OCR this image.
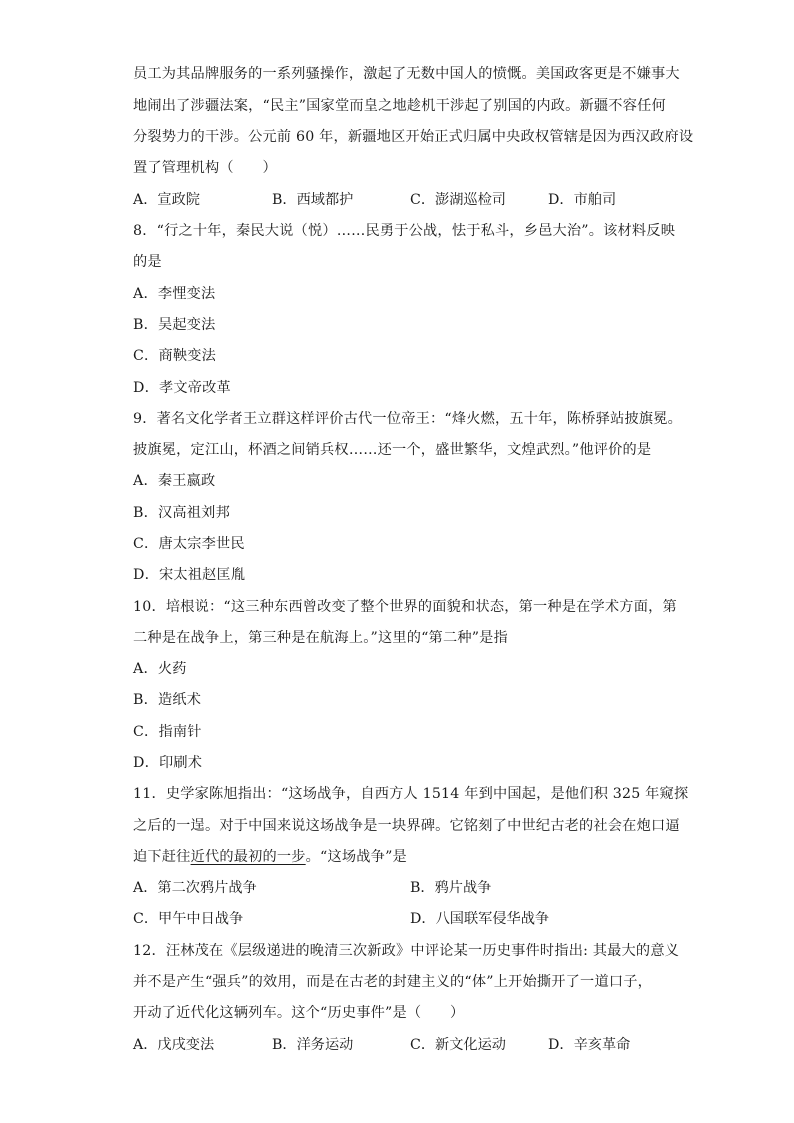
员工为其品牌服务的一系列骚操作，激起了无数中国人的愤慨。美国政客更是不嫌事大
地闹出了涉疆法案，“民主”国家堂而皇之地趁机干涉起了别国的内政。新疆不容任何
分裂势力的干涉。公元前 60 年，新疆地区开始正式归属中央政权管辖是因为西汉政府设
置了管理机构（　　）
A．宣政院	B．西域都护	C．澎湖巡检司	D．市舶司
8．“行之十年，秦民大说（悦）……民勇于公战，怯于私斗，乡邑大治”。该材料反映
的是
A．李悝变法
B．吴起变法
C．商鞅变法
D．孝文帝改革
9．著名文化学者王立群这样评价古代一位帝王：“烽火燃，五十年，陈桥驿站披旗冕。
披旗冕，定江山，杯酒之间销兵权……还一个，盛世繁华，文煌武烈。”他评价的是
A．秦王嬴政
B．汉高祖刘邦
C．唐太宗李世民
D．宋太祖赵匡胤
10．培根说：“这三种东西曾改变了整个世界的面貌和状态，第一种是在学术方面，第
二种是在战争上，第三种是在航海上。”这里的“第二种”是指
A．火药
B．造纸术
C．指南针
D．印刷术
11．史学家陈旭指出：“这场战争，自西方人 1514 年到中国起，是他们积 325 年窥探
之后的一逞。对于中国来说这场战争是一块界碑。它铭刻了中世纪古老的社会在炮口逼
迫下赶往近代的最初的一步。“这场战争”是
A．第二次鸦片战争	B．鸦片战争
C．甲午中日战争	D．八国联军侵华战争
12．汪林茂在《层级递进的晚清三次新政》中评论某一历史事件时指出: 其最大的意义
并不是产生“强兵”的效用，而是在古老的封建主义的“体”上开始撕开了一道口子，
开动了近代化这辆列车。这个“历史事件”是（　　）
A．戊戌变法	B．洋务运动	C．新文化运动	D．辛亥革命
